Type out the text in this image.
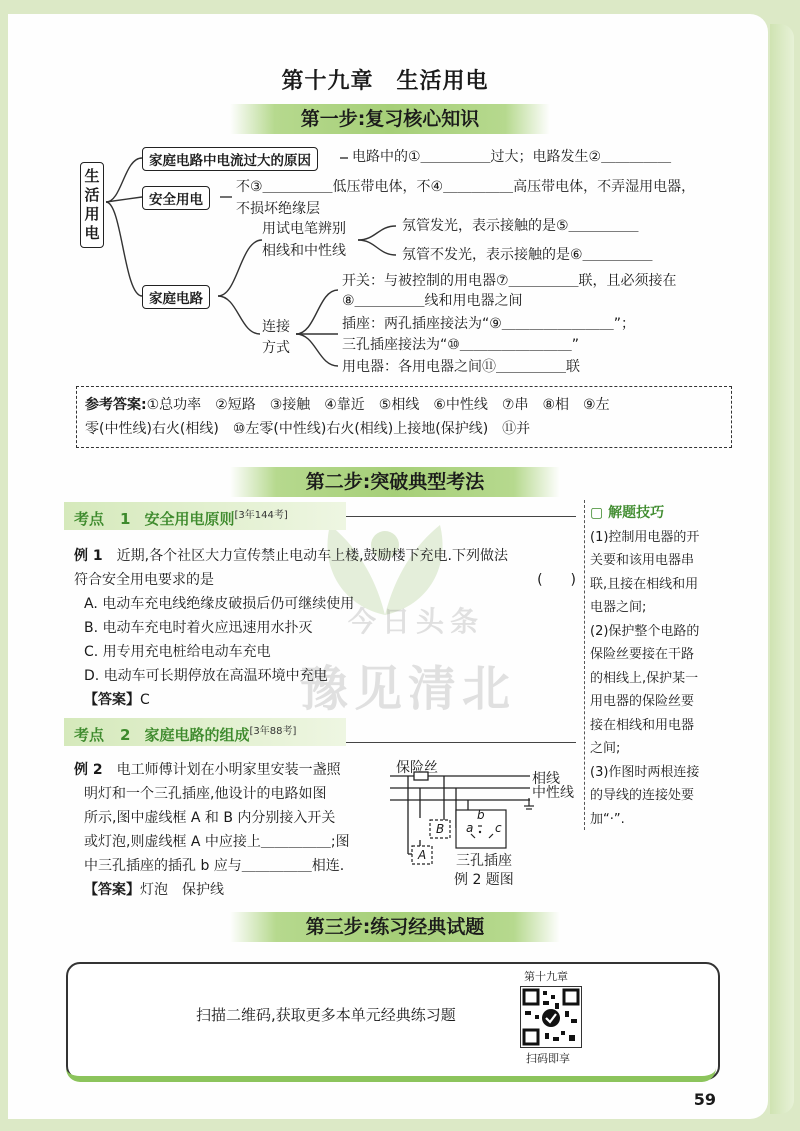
第十九章　生活用电
第一步:复习核心知识
生
活
用
电
家庭电路中电流过大的原因	电路中的①＿＿＿＿＿过大；电路发生②＿＿＿＿＿
安全用电
不③＿＿＿＿＿低压带电体，不④＿＿＿＿＿高压带电体，不弄湿用电器，
不损坏绝缘层
家庭电路
用试电笔辨别
相线和中性线
氖管发光，表示接触的是⑤＿＿＿＿＿
氖管不发光，表示接触的是⑥＿＿＿＿＿
连接
方式
开关：与被控制的用电器⑦＿＿＿＿＿联，且必须接在
⑧＿＿＿＿＿线和用电器之间
插座：两孔插座接法为“⑨＿＿＿＿＿＿＿＿”；
三孔插座接法为“⑩＿＿＿＿＿＿＿＿”
用电器：各用电器之间⑪＿＿＿＿＿联
参考答案:①总功率　②短路　③接触　④靠近　⑤相线　⑥中性线　⑦串　⑧相　⑨左
零(中性线)右火(相线)　⑩左零(中性线)右火(相线)上接地(保护线)　⑪并
第二步:突破典型考法
今日头条
豫见清北
考点 1 安全用电原则[3年144考]
例 1　 近期,各个社区大力宣传禁止电动车上楼,鼓励楼下充电.下列做法
符合安全用电要求的是	(　　)
A. 电动车充电线绝缘皮破损后仍可继续使用
B. 电动车充电时着火应迅速用水扑灭
C. 用专用充电桩给电动车充电
D. 电动车可长期停放在高温环境中充电
【答案】C
考点 2 家庭电路的组成[3年88考]
例 2　 电工师傅计划在小明家里安装一盏照
明灯和一个三孔插座,他设计的电路如图
所示,图中虚线框 A 和 B 内分别接入开关
或灯泡,则虚线框 A 中应接上＿＿＿＿＿;图
中三孔插座的插孔 b 应与＿＿＿＿＿相连.
【答案】灯泡　保护线
保险丝
相线
中性线
B
A
a
b
c
三孔插座
例 2 题图
▢ 解题技巧
(1)控制用电器的开
关要和该用电器串
联,且接在相线和用
电器之间;
(2)保护整个电路的
保险丝要接在干路
的相线上,保护某一
用电器的保险丝要
接在相线和用电器
之间;
(3)作图时两根连接
的导线的连接处要
加“·”.
第三步:练习经典试题
扫描二维码,获取更多本单元经典练习题
第十九章
扫码即享
59
